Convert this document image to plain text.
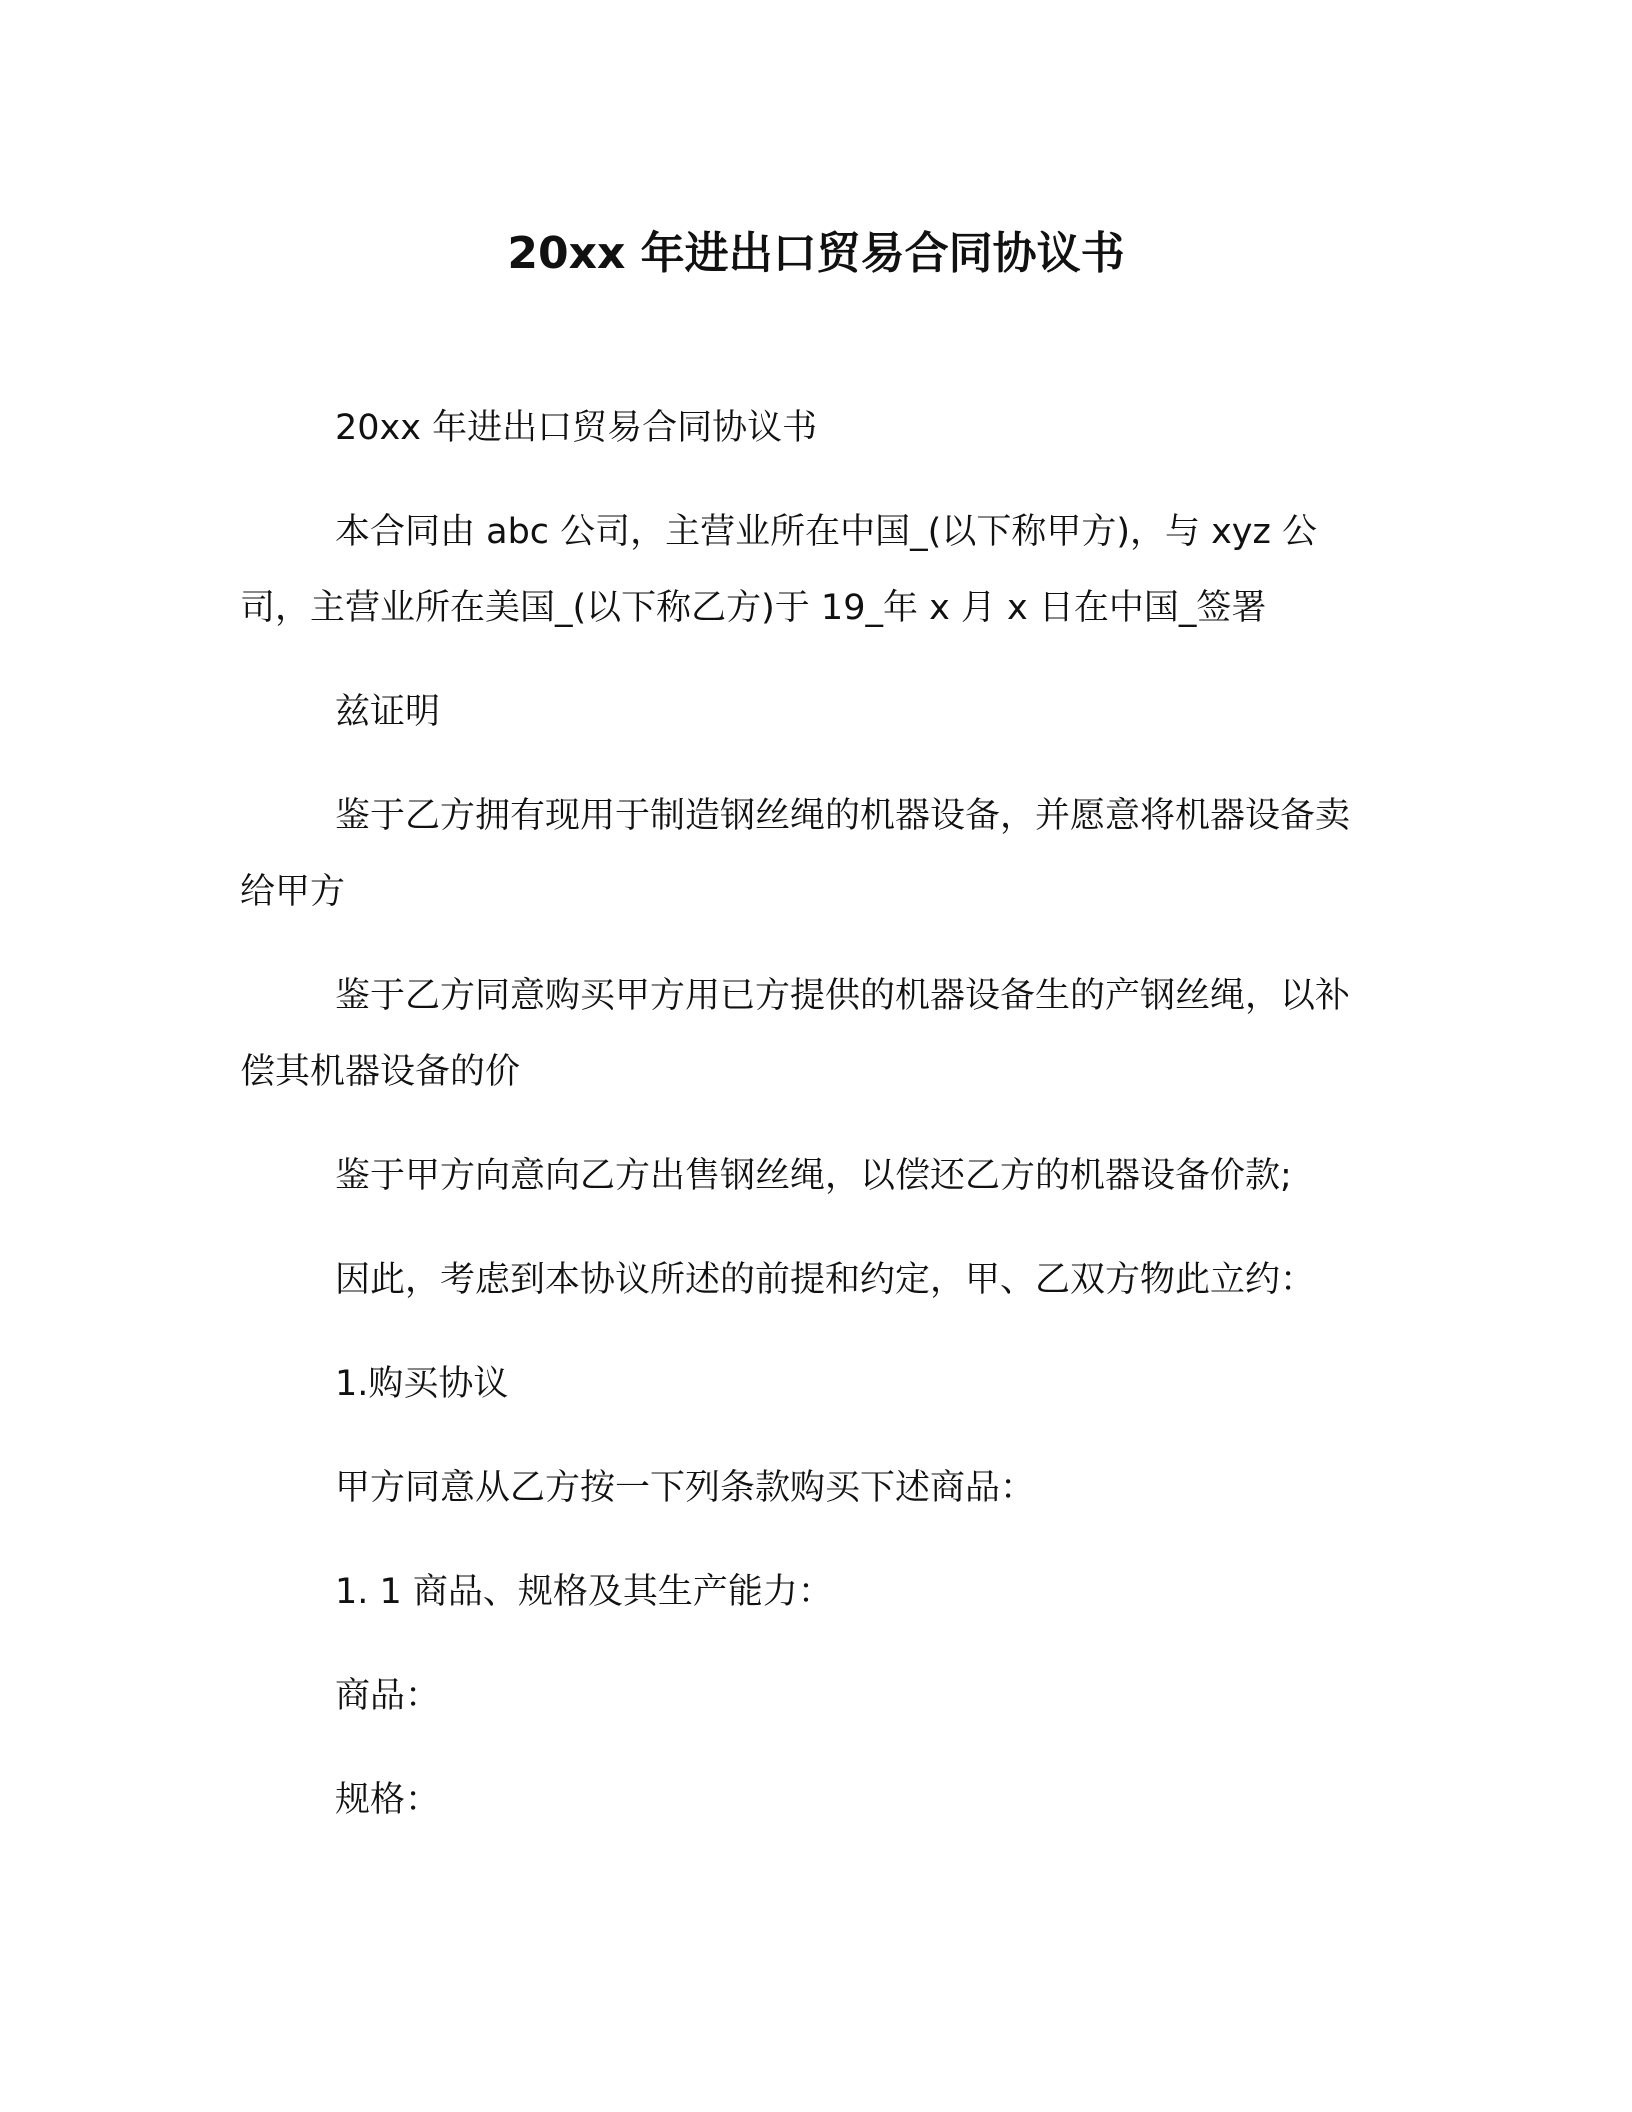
20xx 年进出口贸易合同协议书

20xx 年进出口贸易合同协议书

本合同由 abc 公司，主营业所在中国_(以下称甲方)，与 xyz 公司，主营业所在美国_(以下称乙方)于 19_年 x 月 x 日在中国_签署

兹证明

鉴于乙方拥有现用于制造钢丝绳的机器设备，并愿意将机器设备卖给甲方

鉴于乙方同意购买甲方用已方提供的机器设备生的产钢丝绳，以补偿其机器设备的价

鉴于甲方向意向乙方出售钢丝绳，以偿还乙方的机器设备价款;

因此，考虑到本协议所述的前提和约定，甲、乙双方物此立约：

1.购买协议

甲方同意从乙方按一下列条款购买下述商品：

1. 1 商品、规格及其生产能力：

商品：

规格：
